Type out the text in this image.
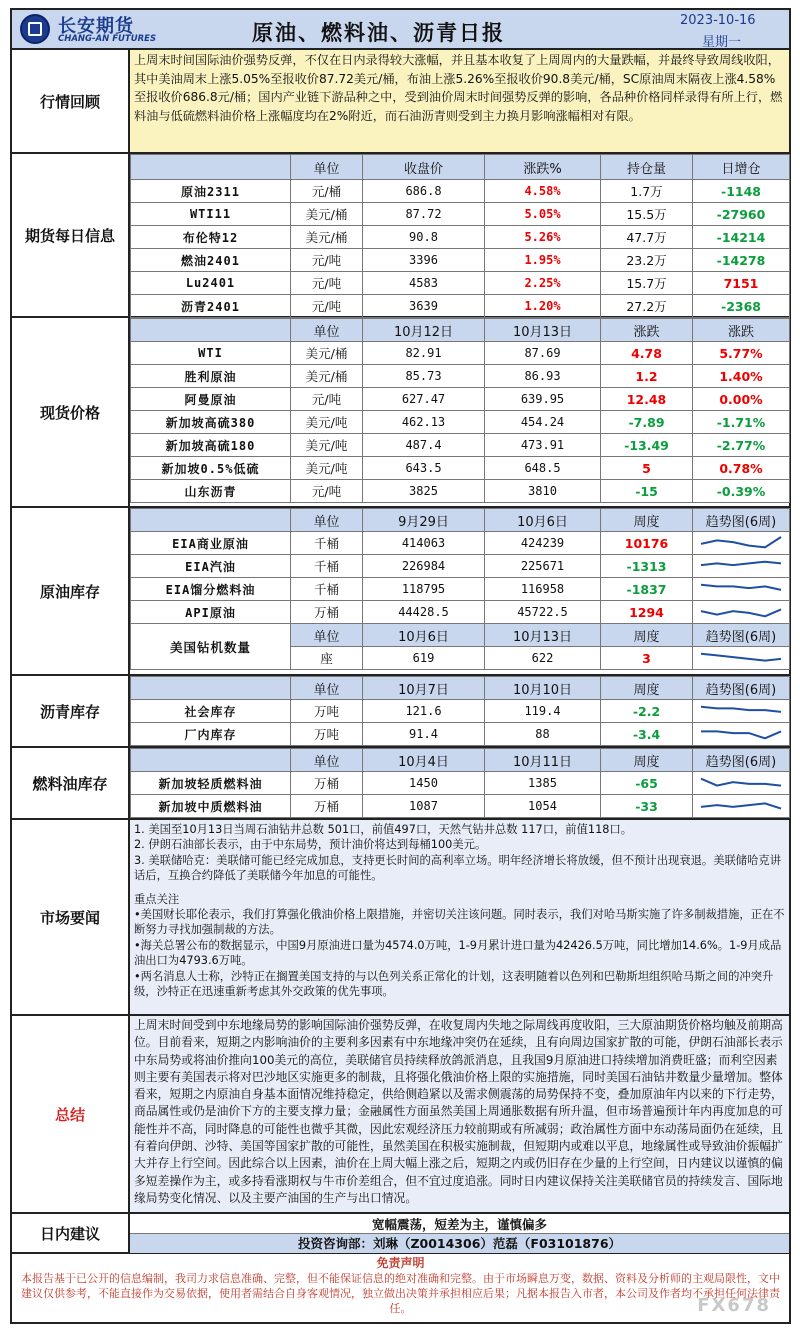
长安期货
CHANG-AN FUTURES	原油、燃料油、沥青日报
2023-10-16
星期一
行情回顾
上周末时间国际油价强势反弹，不仅在日内录得较大涨幅，并且基本收复了上周周内的大量跌幅，并最终导致周线收阳，其中美油周末上涨5.05%至报收价87.72美元/桶，布油上涨5.26%至报收价90.8美元/桶，SC原油周末隔夜上涨4.58%至报收价686.8元/桶；国内产业链下游品种之中，受到油价周末时间强势反弹的影响，各品种价格同样录得有所上行，燃料油与低硫燃料油价格上涨幅度均在2%附近，而石油沥青则受到主力换月影响涨幅相对有限。
期货每日信息
	单位	收盘价	涨跌%	持仓量	日增仓
原油2311	元/桶	686.8	4.58%	1.7万	-1148
WTI11	美元/桶	87.72	5.05%	15.5万	-27960
布伦特12	美元/桶	90.8	5.26%	47.7万	-14214
燃油2401	元/吨	3396	1.95%	23.2万	-14278
Lu2401	元/吨	4583	2.25%	15.7万	7151
沥青2401	元/吨	3639	1.20%	27.2万	-2368
现货价格
	单位	10月12日	10月13日	涨跌	涨跌
WTI	美元/桶	82.91	87.69	4.78	5.77%
胜利原油	美元/桶	85.73	86.93	1.2	1.40%
阿曼原油	元/吨	627.47	639.95	12.48	0.00%
新加坡高硫380	美元/吨	462.13	454.24	-7.89	-1.71%
新加坡高硫180	美元/吨	487.4	473.91	-13.49	-2.77%
新加坡0.5%低硫	美元/吨	643.5	648.5	5	0.78%
山东沥青	元/吨	3825	3810	-15	-0.39%
原油库存
	单位	9月29日	10月6日	周度	趋势图(6周)
EIA商业原油	千桶	414063	424239	10176	

EIA汽油	千桶	226984	225671	-1313	

EIA馏分燃料油	千桶	118795	116958	-1837	

API原油	万桶	44428.5	45722.5	1294	

美国钻机数量	单位	10月6日	10月13日	周度	趋势图(6周)
	座	619	622	3	
沥青库存
	单位	10月7日	10月10日	周度	趋势图(6周)
社会库存	万吨	121.6	119.4	-2.2	

厂内库存	万吨	91.4	88	-3.4	
燃料油库存
	单位	10月4日	10月11日	周度	趋势图(6周)
新加坡轻质燃料油	万桶	1450	1385	-65	

新加坡中质燃料油	万桶	1087	1054	-33	
市场要闻
1. 美国至10月13日当周石油钻井总数 501口，前值497口，天然气钻井总数 117口，前值118口。
2. 伊朗石油部长表示，由于中东局势，预计油价将达到每桶100美元。
3. 美联储哈克：美联储可能已经完成加息，支持更长时间的高利率立场。明年经济增长将放缓，但不预计出现衰退。美联储哈克讲话后，互换合约降低了美联储今年加息的可能性。
重点关注
•美国财长耶伦表示，我们打算强化俄油价格上限措施，并密切关注该问题。同时表示，我们对哈马斯实施了许多制裁措施，正在不断努力寻找加强制裁的方法。
•海关总署公布的数据显示，中国9月原油进口量为4574.0万吨，1-9月累计进口量为42426.5万吨，同比增加14.6%。1-9月成品油出口为4793.6万吨。
•两名消息人士称，沙特正在搁置美国支持的与以色列关系正常化的计划，这表明随着以色列和巴勒斯坦组织哈马斯之间的冲突升级，沙特正在迅速重新考虑其外交政策的优先事项。
总结
上周末时间受到中东地缘局势的影响国际油价强势反弹，在收复周内失地之际周线再度收阳，三大原油期货价格均触及前期高位。目前看来，短期之内影响油价的主要利多因素有中东地缘冲突仍在延续，且有向周边国家扩散的可能，伊朗石油部长表示中东局势或将油价推向100美元的高位，美联储官员持续释放鸽派消息，且我国9月原油进口持续增加消费旺盛；而利空因素则主要有美国表示将对巴沙地区实施更多的制裁，且将强化俄油价格上限的实施措施，同时美国石油钻井数量少量增加。整体看来，短期之内原油自身基本面情况维持稳定，供给侧趋紧以及需求侧震荡的局势保持不变，叠加原油年内以来的下行走势，商品属性或仍是油价下方的主要支撑力量；金融属性方面虽然美国上周通胀数据有所升温，但市场普遍预计年内再度加息的可能性并不高，同时降息的可能性也微乎其微，因此宏观经济压力较前期或有所减弱；政治属性方面中东动荡局面仍在延续，且有着向伊朗、沙特、美国等国家扩散的可能性，虽然美国在积极实施制裁，但短期内或难以平息，地缘属性或导致油价振幅扩大并存上行空间。因此综合以上因素，油价在上周大幅上涨之后，短期之内或仍旧存在少量的上行空间，日内建议以谨慎的偏多短差操作为主，或多持看涨期权与牛市价差组合，但不宜过度追涨。同时日内建议保持关注美联储官员的持续发言、国际地缘局势变化情况、以及主要产油国的生产与出口情况。
日内建议	宽幅震荡，短差为主，谨慎偏多
投资咨询部：刘琳（Z0014306）范磊（F03101876）
免责声明
本报告基于已公开的信息编制，我司力求信息准确、完整，但不能保证信息的绝对准确和完整。由于市场瞬息万变，数据、资料及分析师的主观局限性，文中建议仅供参考，不能直接作为交易依据，使用者需结合自身客观情况，独立做出决策并承担相应后果；凡据本报告入市者，本公司及作者均不承担任何法律责任。	FX678
